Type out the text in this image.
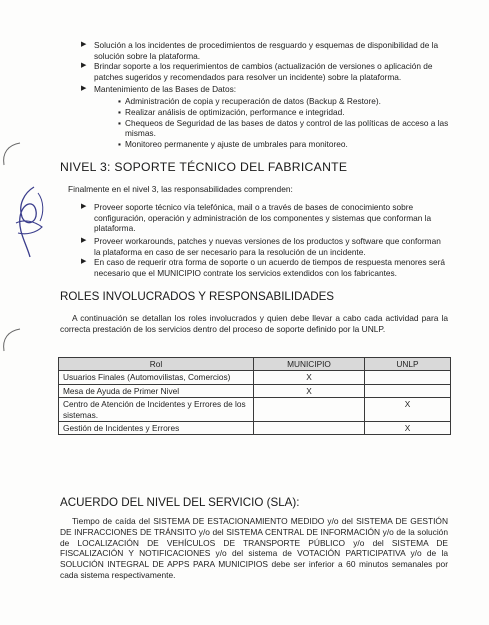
▶ Solución a los incidentes de procedimientos de resguardo y esquemas de disponibilidad de la solución sobre la plataforma.
▶ Brindar soporte a los requerimientos de cambios (actualización de versiones o aplicación de patches sugeridos y recomendados para resolver un incidente) sobre la plataforma.
▶ Mantenimiento de las Bases de Datos:
▪ Administración de copia y recuperación de datos (Backup & Restore).
▪ Realizar análisis de optimización, performance e integridad.
▪ Chequeos de Seguridad de las bases de datos y control de las políticas de acceso a las mismas.
▪ Monitoreo permanente y ajuste de umbrales para monitoreo.
NIVEL 3: SOPORTE TÉCNICO DEL FABRICANTE
Finalmente en el nivel 3, las responsabilidades comprenden:
▶ Proveer soporte técnico vía telefónica, mail o a través de bases de conocimiento sobre configuración, operación y administración de los componentes y sistemas que conforman la plataforma.
▶ Proveer workarounds, patches y nuevas versiones de los productos y software que conforman la plataforma en caso de ser necesario para la resolución de un incidente.
▶ En caso de requerir otra forma de soporte o un acuerdo de tiempos de respuesta menores será necesario que el MUNICIPIO contrate los servicios extendidos con los fabricantes.
ROLES INVOLUCRADOS Y RESPONSABILIDADES
A continuación se detallan los roles involucrados y quien debe llevar a cabo cada actividad para la correcta prestación de los servicios dentro del proceso de soporte definido por la UNLP.
Rol	MUNICIPIO	UNLP
Usuarios Finales (Automovilistas, Comercios)	X	
Mesa de Ayuda de Primer Nivel	X	
Centro de Atención de Incidentes y Errores de los sistemas.		X
Gestión de Incidentes y Errores		X
ACUERDO DEL NIVEL DEL SERVICIO (SLA):
Tiempo de caída del SISTEMA DE ESTACIONAMIENTO MEDIDO y/o del SISTEMA DE GESTIÓN DE INFRACCIONES DE TRÁNSITO y/o del SISTEMA CENTRAL DE INFORMACIÓN y/o de la solución de LOCALIZACIÓN DE VEHÍCULOS DE TRANSPORTE PÚBLICO y/o del SISTEMA DE FISCALIZACIÓN Y NOTIFICACIONES y/o del sistema de VOTACIÓN PARTICIPATIVA y/o de la SOLUCIÓN INTEGRAL DE APPS PARA MUNICIPIOS debe ser inferior a 60 minutos semanales por cada sistema respectivamente.
